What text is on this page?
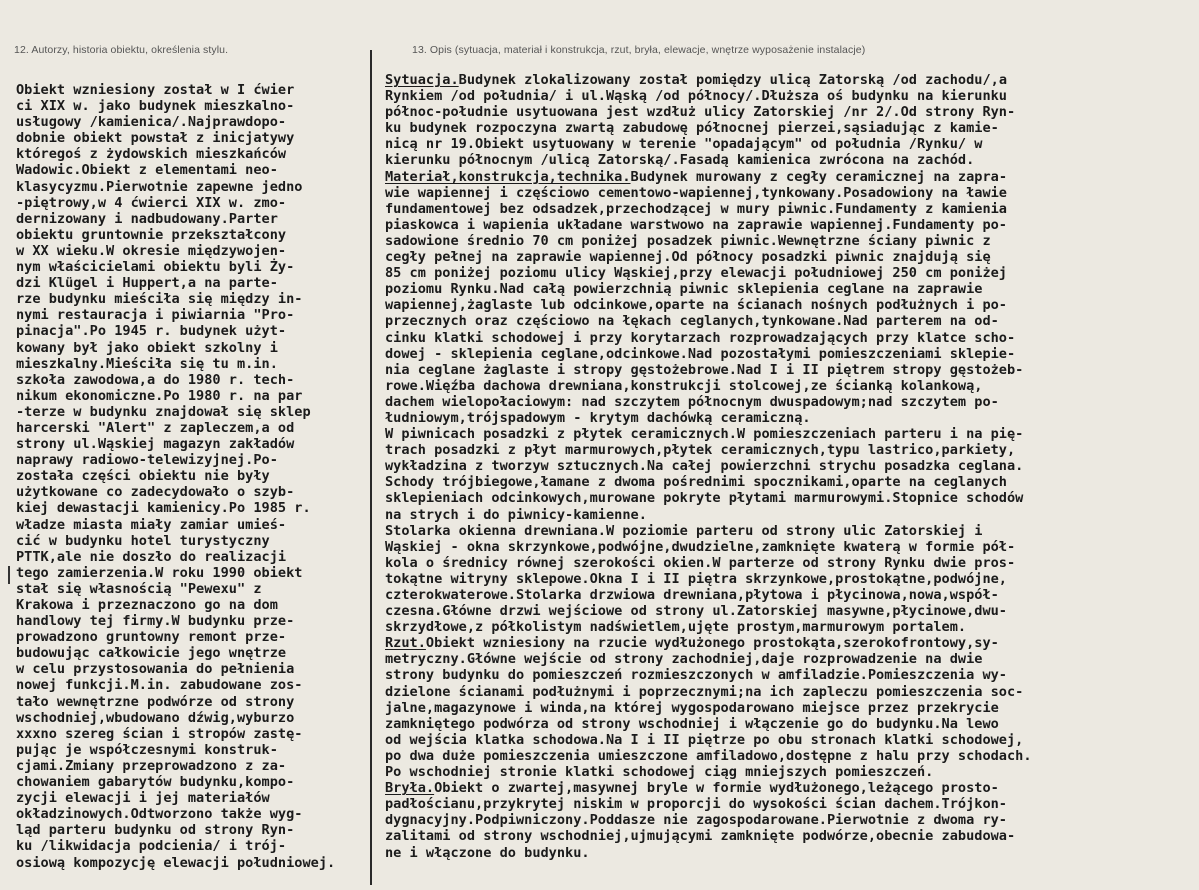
12. Autorzy, historia obiektu, określenia stylu.	13. Opis (sytuacja, materiał i konstrukcja, rzut, bryła, elewacje, wnętrze wyposażenie instalacje)
Obiekt wzniesiony został w I ćwier
ci XIX w. jako budynek mieszkalno-
usługowy /kamienica/.Najprawdopo-
dobnie obiekt powstał z inicjatywy
któregoś z żydowskich mieszkańców
Wadowic.Obiekt z elementami neo-
klasycyzmu.Pierwotnie zapewne jedno
-piętrowy,w 4 ćwierci XIX w. zmo-
dernizowany i nadbudowany.Parter
obiektu gruntownie przekształcony
w XX wieku.W okresie międzywojen-
nym właścicielami obiektu byli Ży-
dzi Klügel i Huppert,a na parte-
rze budynku mieściła się między in-
nymi restauracja i piwiarnia "Pro-
pinacja".Po 1945 r. budynek użyt-
kowany był jako obiekt szkolny i
mieszkalny.Mieściła się tu m.in.
szkoła zawodowa,a do 1980 r. tech-
nikum ekonomiczne.Po 1980 r. na par
-terze w budynku znajdował się sklep
harcerski "Alert" z zapleczem,a od
strony ul.Wąskiej magazyn zakładów
naprawy radiowo-telewizyjnej.Po-
została części obiektu nie były
użytkowane co zadecydowało o szyb-
kiej dewastacji kamienicy.Po 1985 r.
władze miasta miały zamiar umieś-
cić w budynku hotel turystyczny
PTTK,ale nie doszło do realizacji
tego zamierzenia.W roku 1990 obiekt
stał się własnością "Pewexu" z
Krakowa i przeznaczono go na dom
handlowy tej firmy.W budynku prze-
prowadzono gruntowny remont prze-
budowując całkowicie jego wnętrze
w celu przystosowania do pełnienia
nowej funkcji.M.in. zabudowane zos-
tało wewnętrzne podwórze od strony
wschodniej,wbudowano dźwig,wyburzo
xxxno szereg ścian i stropów zastę-
pując je współczesnymi konstruk-
cjami.Zmiany przeprowadzono z za-
chowaniem gabarytów budynku,kompo-
zycji elewacji i jej materiałów
okładzinowych.Odtworzono także wyg-
ląd parteru budynku od strony Ryn-
ku /likwidacja podcienia/ i trój-
osiową kompozycję elewacji południowej.
Sytuacja.Budynek zlokalizowany został pomiędzy ulicą Zatorską /od zachodu/,a
Rynkiem /od południa/ i ul.Wąską /od północy/.Dłuższa oś budynku na kierunku
północ-południe usytuowana jest wzdłuż ulicy Zatorskiej /nr 2/.Od strony Ryn-
ku budynek rozpoczyna zwartą zabudowę północnej pierzei,sąsiadując z kamie-
nicą nr 19.Obiekt usytuowany w terenie "opadającym" od południa /Rynku/ w
kierunku północnym /ulicą Zatorską/.Fasadą kamienica zwrócona na zachód.
Materiał,konstrukcja,technika.Budynek murowany z cegły ceramicznej na zapra-
wie wapiennej i częściowo cementowo-wapiennej,tynkowany.Posadowiony na ławie
fundamentowej bez odsadzek,przechodzącej w mury piwnic.Fundamenty z kamienia
piaskowca i wapienia układane warstwowo na zaprawie wapiennej.Fundamenty po-
sadowione średnio 70 cm poniżej posadzek piwnic.Wewnętrzne ściany piwnic z
cegły pełnej na zaprawie wapiennej.Od północy posadzki piwnic znajdują się
85 cm poniżej poziomu ulicy Wąskiej,przy elewacji południowej 250 cm poniżej
poziomu Rynku.Nad całą powierzchnią piwnic sklepienia ceglane na zaprawie
wapiennej,żaglaste lub odcinkowe,oparte na ścianach nośnych podłużnych i po-
przecznych oraz częściowo na łękach ceglanych,tynkowane.Nad parterem na od-
cinku klatki schodowej i przy korytarzach rozprowadzających przy klatce scho-
dowej - sklepienia ceglane,odcinkowe.Nad pozostałymi pomieszczeniami sklepie-
nia ceglane żaglaste i stropy gęstożebrowe.Nad I i II piętrem stropy gęstożeb-
rowe.Więźba dachowa drewniana,konstrukcji stolcowej,ze ścianką kolankową,
dachem wielopołaciowym: nad szczytem północnym dwuspadowym;nad szczytem po-
łudniowym,trójspadowym - krytym dachówką ceramiczną.
W piwnicach posadzki z płytek ceramicznych.W pomieszczeniach parteru i na pię-
trach posadzki z płyt marmurowych,płytek ceramicznych,typu lastrico,parkiety,
wykładzina z tworzyw sztucznych.Na całej powierzchni strychu posadzka ceglana.
Schody trójbiegowe,łamane z dwoma pośrednimi spocznikami,oparte na ceglanych
sklepieniach odcinkowych,murowane pokryte płytami marmurowymi.Stopnice schodów
na strych i do piwnicy-kamienne.
Stolarka okienna drewniana.W poziomie parteru od strony ulic Zatorskiej i
Wąskiej - okna skrzynkowe,podwójne,dwudzielne,zamknięte kwaterą w formie pół-
kola o średnicy równej szerokości okien.W parterze od strony Rynku dwie pros-
tokątne witryny sklepowe.Okna I i II piętra skrzynkowe,prostokątne,podwójne,
czterokwaterowe.Stolarka drzwiowa drewniana,płytowa i płycinowa,nowa,współ-
czesna.Główne drzwi wejściowe od strony ul.Zatorskiej masywne,płycinowe,dwu-
skrzydłowe,z półkolistym nadświetlem,ujęte prostym,marmurowym portalem.
Rzut.Obiekt wzniesiony na rzucie wydłużonego prostokąta,szerokofrontowy,sy-
metryczny.Główne wejście od strony zachodniej,daje rozprowadzenie na dwie
strony budynku do pomieszczeń rozmieszczonych w amfiladzie.Pomieszczenia wy-
dzielone ścianami podłużnymi i poprzecznymi;na ich zapleczu pomieszczenia soc-
jalne,magazynowe i winda,na której wygospodarowano miejsce przez przekrycie
zamkniętego podwórza od strony wschodniej i włączenie go do budynku.Na lewo
od wejścia klatka schodowa.Na I i II piętrze po obu stronach klatki schodowej,
po dwa duże pomieszczenia umieszczone amfiladowo,dostępne z halu przy schodach.
Po wschodniej stronie klatki schodowej ciąg mniejszych pomieszczeń.
Bryła.Obiekt o zwartej,masywnej bryle w formie wydłużonego,leżącego prosto-
padłościanu,przykrytej niskim w proporcji do wysokości ścian dachem.Trójkon-
dygnacyjny.Podpiwniczony.Poddasze nie zagospodarowane.Pierwotnie z dwoma ry-
zalitami od strony wschodniej,ujmującymi zamknięte podwórze,obecnie zabudowa-
ne i włączone do budynku.
